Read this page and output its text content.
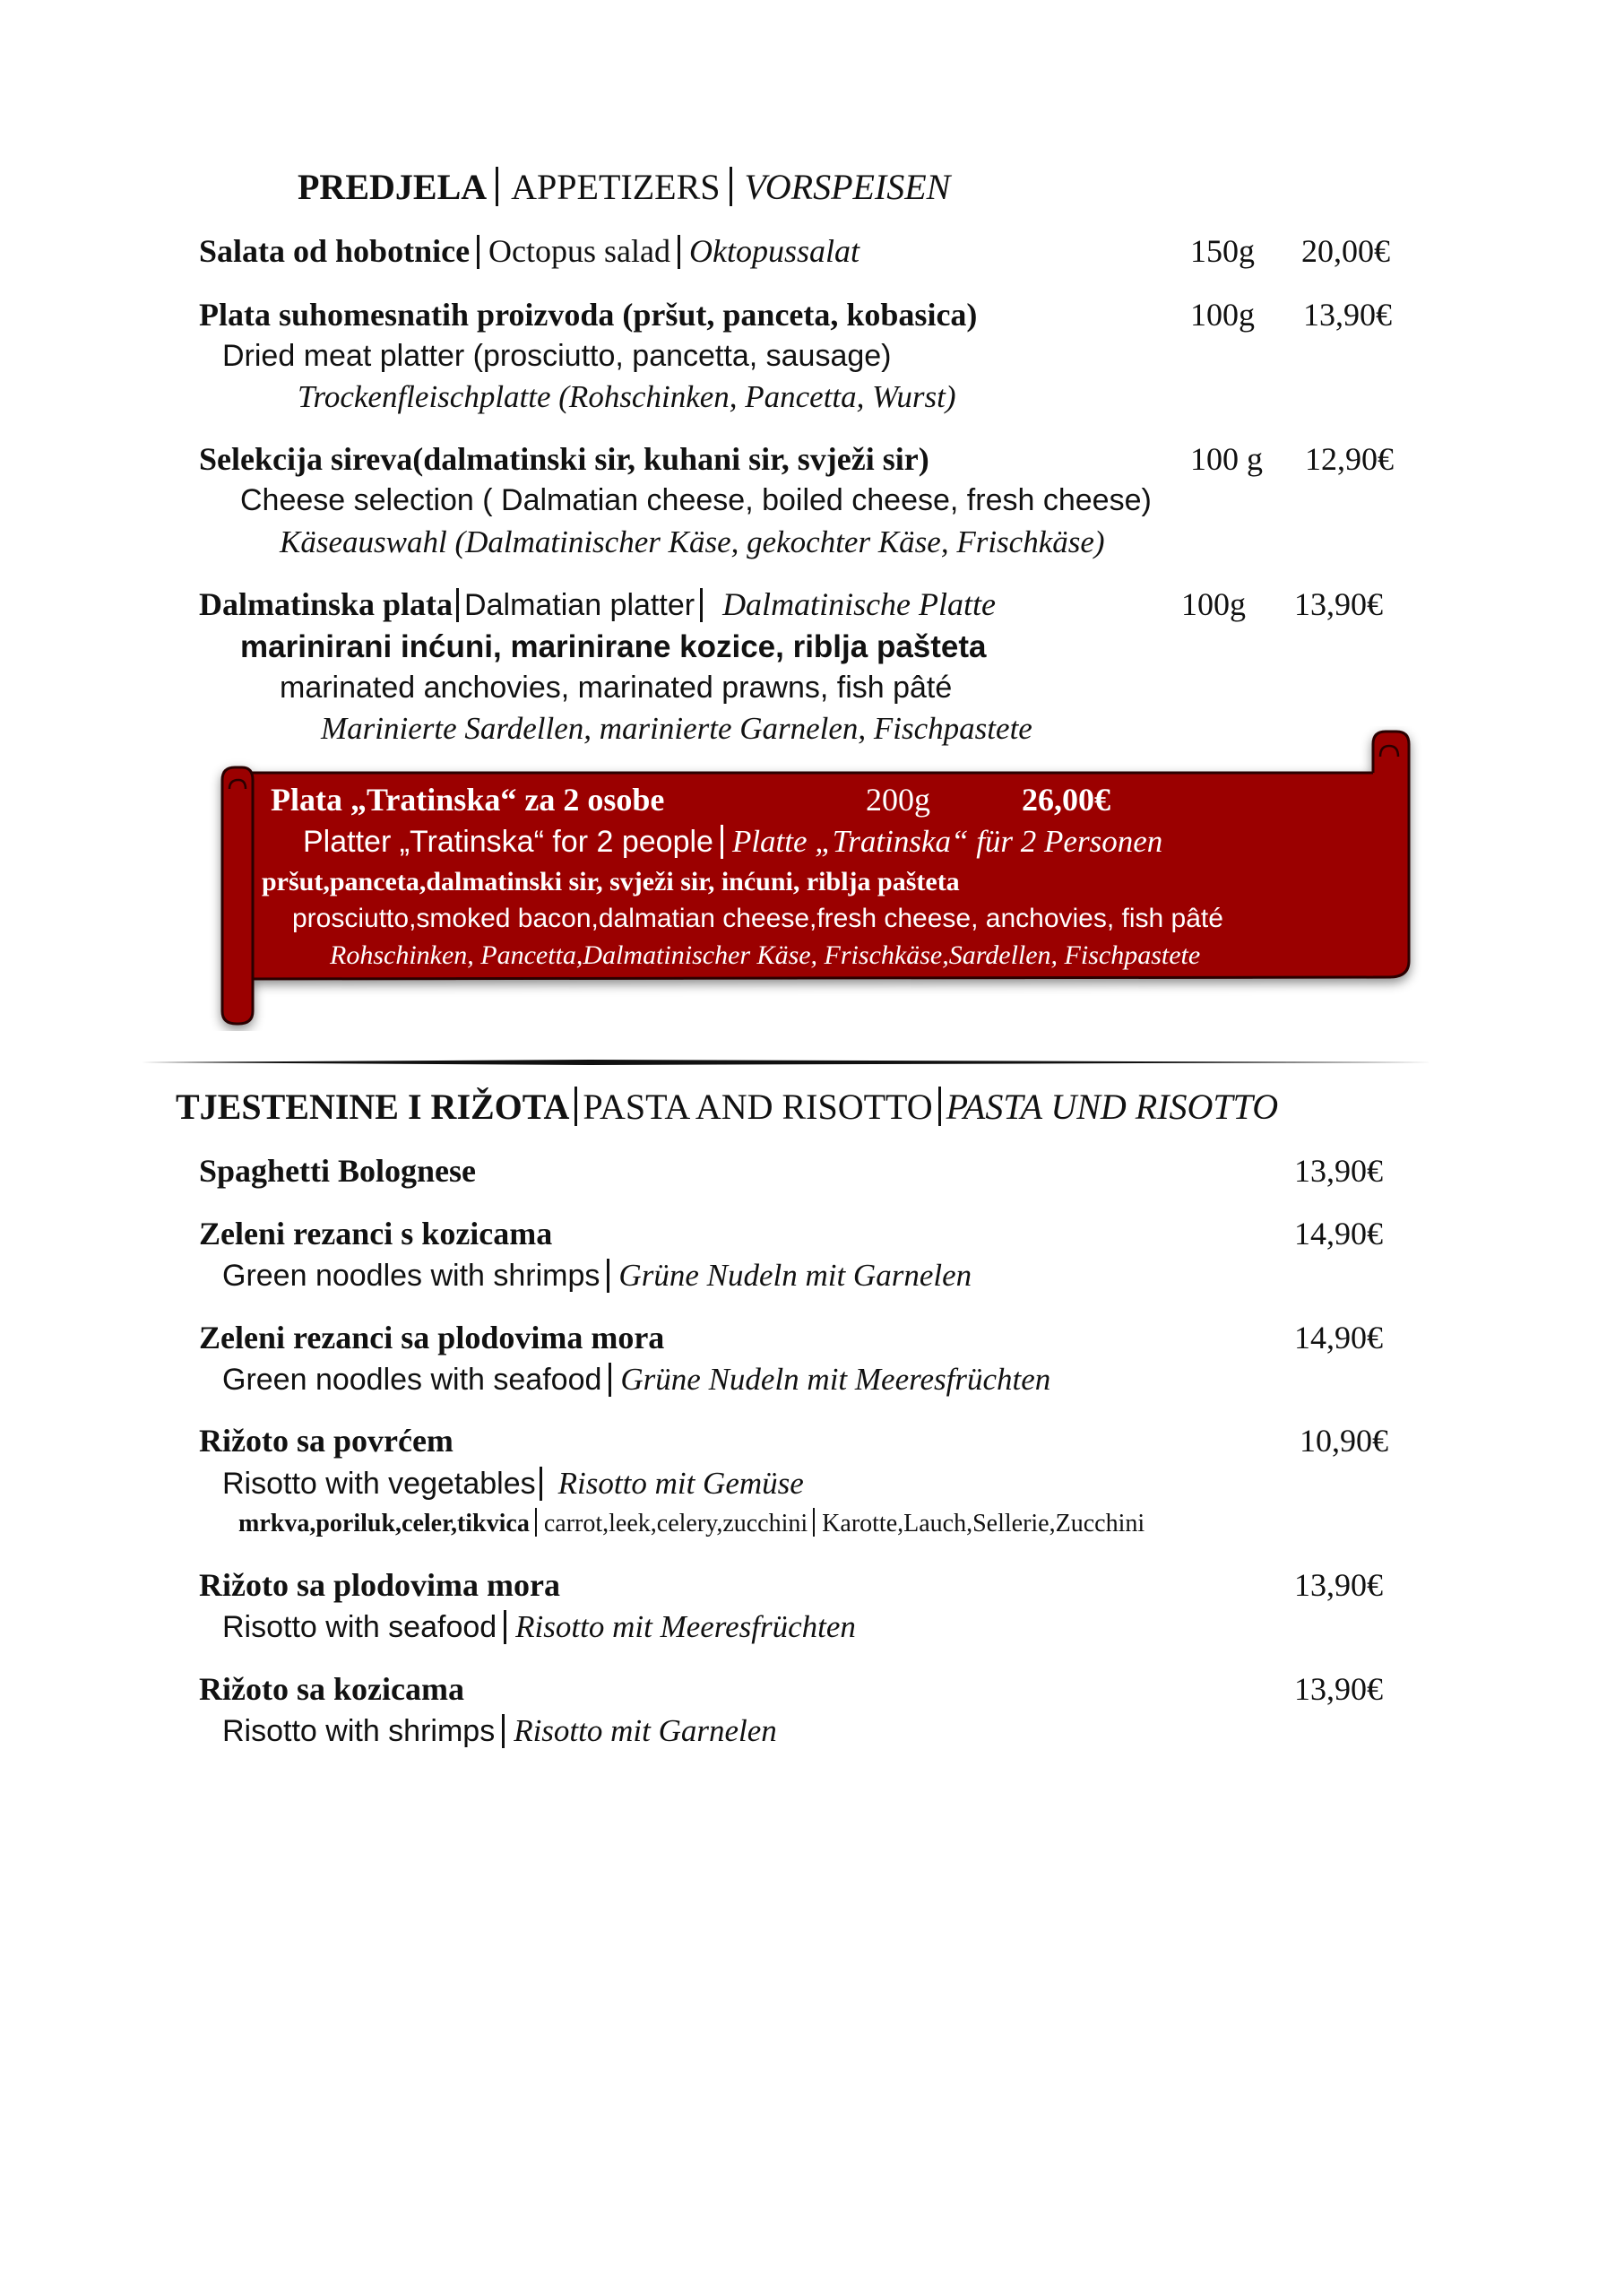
PREDJELA APPETIZERS VORSPEISEN
Salata od hobotnice Octopus salad Oktopussalat	150g 20,00€
Plata suhomesnatih proizvoda (pršut, panceta, kobasica)	100g 13,90€
Dried meat platter (prosciutto, pancetta, sausage)
Trockenfleischplatte (Rohschinken, Pancetta, Wurst)
Selekcija sireva(dalmatinski sir, kuhani sir, svježi sir)	100 g 12,90€
Cheese selection ( Dalmatian cheese, boiled cheese, fresh cheese)
Käseauswahl (Dalmatinischer Käse, gekochter Käse, Frischkäse)
Dalmatinska plata Dalmatian platter Dalmatinische Platte	100g 13,90€
marinirani inćuni, marinirane kozice, riblja pašteta
marinated anchovies, marinated prawns, fish pâté
Marinierte Sardellen, marinierte Garnelen, Fischpastete
Plata „Tratinska“ za 2 osobe	200g	26,00€
Platter „Tratinska“ for 2 people Platte „Tratinska“ für 2 Personen
pršut,panceta,dalmatinski sir, svježi sir, inćuni, riblja pašteta
prosciutto,smoked bacon,dalmatian cheese,fresh cheese, anchovies, fish pâté
Rohschinken, Pancetta,Dalmatinischer Käse, Frischkäse,Sardellen, Fischpastete
TJESTENINE I RIŽOTA PASTA AND RISOTTO PASTA UND RISOTTO
Spaghetti Bolognese	13,90€
Zeleni rezanci s kozicama	14,90€
Green noodles with shrimps Grüne Nudeln mit Garnelen
Zeleni rezanci sa plodovima mora	14,90€
Green noodles with seafood Grüne Nudeln mit Meeresfrüchten
Rižoto sa povrćem	10,90€
Risotto with vegetables Risotto mit Gemüse
mrkva,poriluk,celer,tikvica carrot,leek,celery,zucchini Karotte,Lauch,Sellerie,Zucchini
Rižoto sa plodovima mora	13,90€
Risotto with seafood Risotto mit Meeresfrüchten
Rižoto sa kozicama	13,90€
Risotto with shrimps Risotto mit Garnelen
